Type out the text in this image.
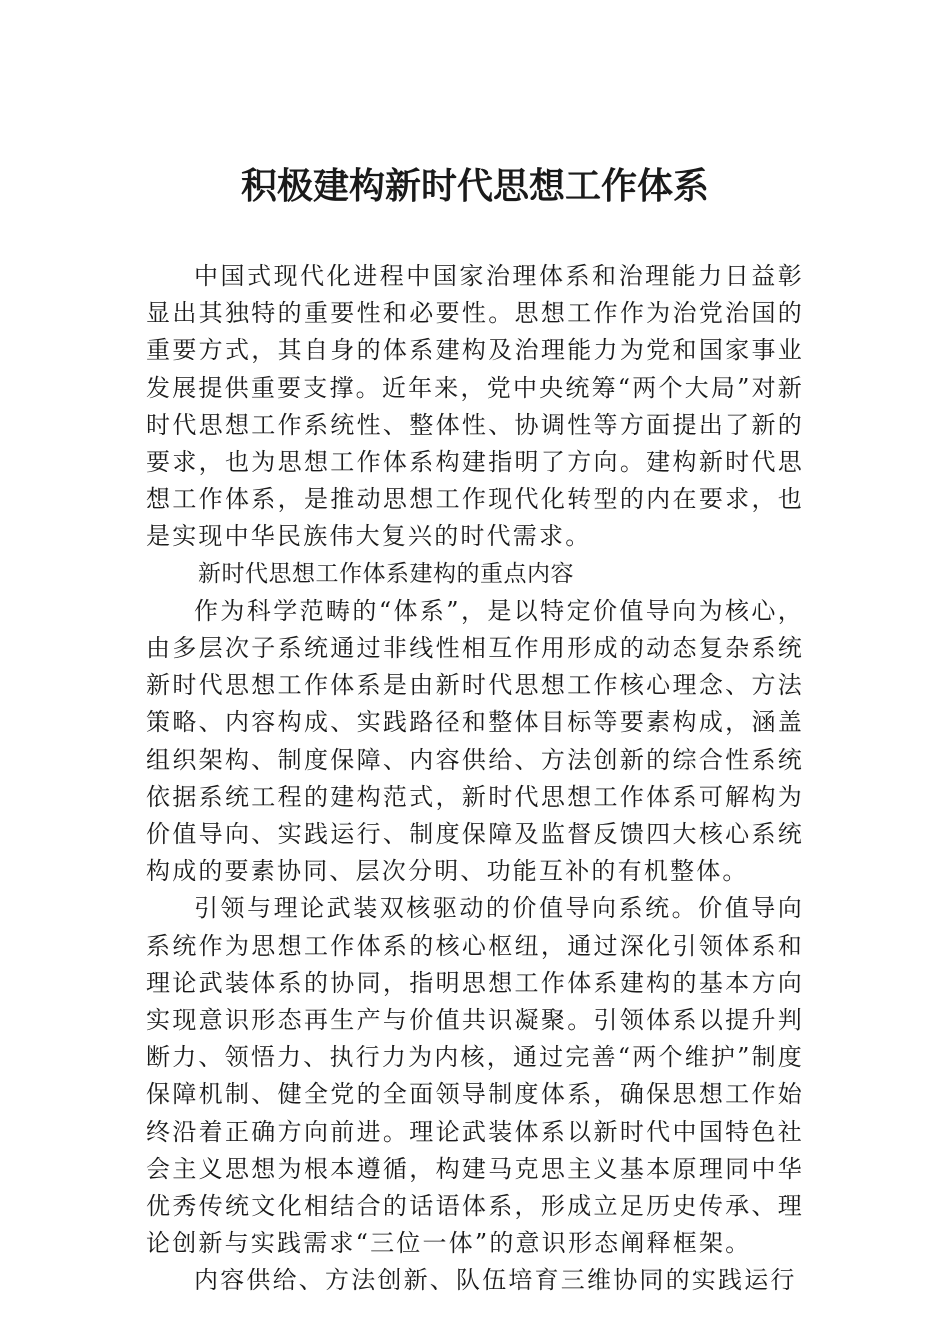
积极建构新时代思想工作体系

中国式现代化进程中国家治理体系和治理能力日益彰显出其独特的重要性和必要性。思想工作作为治党治国的重要方式，其自身的体系建构及治理能力为党和国家事业发展提供重要支撑。近年来，党中央统筹“两个大局”对新时代思想工作系统性、整体性、协调性等方面提出了新的要求，也为思想工作体系构建指明了方向。建构新时代思想工作体系，是推动思想工作现代化转型的内在要求，也是实现中华民族伟大复兴的时代需求。

新时代思想工作体系建构的重点内容

作为科学范畴的“体系”，是以特定价值导向为核心，由多层次子系统通过非线性相互作用形成的动态复杂系统新时代思想工作体系是由新时代思想工作核心理念、方法策略、内容构成、实践路径和整体目标等要素构成，涵盖组织架构、制度保障、内容供给、方法创新的综合性系统依据系统工程的建构范式，新时代思想工作体系可解构为价值导向、实践运行、制度保障及监督反馈四大核心系统构成的要素协同、层次分明、功能互补的有机整体。

引领与理论武装双核驱动的价值导向系统。价值导向系统作为思想工作体系的核心枢纽，通过深化引领体系和理论武装体系的协同，指明思想工作体系建构的基本方向实现意识形态再生产与价值共识凝聚。引领体系以提升判断力、领悟力、执行力为内核，通过完善“两个维护”制度保障机制、健全党的全面领导制度体系，确保思想工作始终沿着正确方向前进。理论武装体系以新时代中国特色社会主义思想为根本遵循，构建马克思主义基本原理同中华优秀传统文化相结合的话语体系，形成立足历史传承、理论创新与实践需求“三位一体”的意识形态阐释框架。

内容供给、方法创新、队伍培育三维协同的实践运行
